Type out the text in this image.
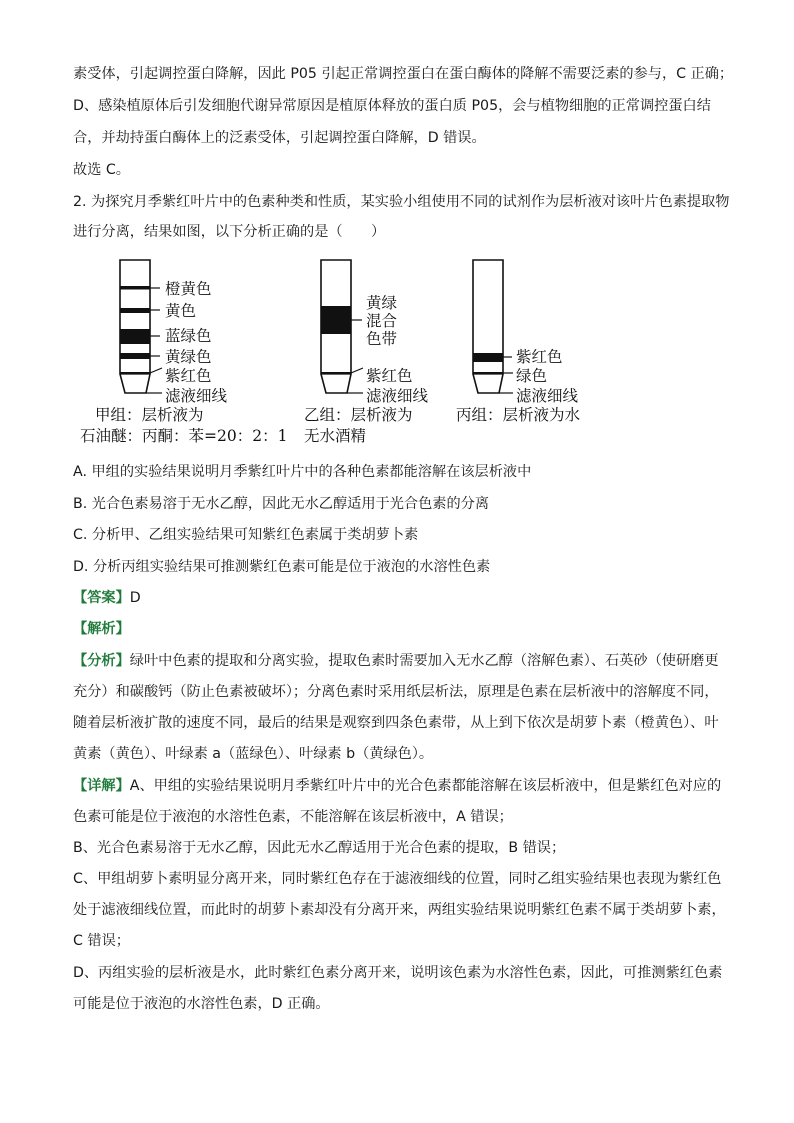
素受体，引起调控蛋白降解，因此 P05 引起正常调控蛋白在蛋白酶体的降解不需要泛素的参与，C 正确；
D、感染植原体后引发细胞代谢异常原因是植原体释放的蛋白质 P05，会与植物细胞的正常调控蛋白结
合，并劫持蛋白酶体上的泛素受体，引起调控蛋白降解，D 错误。
故选 C。
2. 为探究月季紫红叶片中的色素种类和性质，某实验小组使用不同的试剂作为层析液对该叶片色素提取物
进行分离，结果如图，以下分析正确的是（　　）
橙黄色
黄色
蓝绿色
黄绿色
紫红色
滤液细线
甲组：层析液为
石油醚：丙酮：苯=20：2：1
黄绿
混合
色带
紫红色
滤液细线
乙组：层析液为
无水酒精
紫红色
绿色
滤液细线
丙组：层析液为水
A. 甲组的实验结果说明月季紫红叶片中的各种色素都能溶解在该层析液中
B. 光合色素易溶于无水乙醇，因此无水乙醇适用于光合色素的分离
C. 分析甲、乙组实验结果可知紫红色素属于类胡萝卜素
D. 分析丙组实验结果可推测紫红色素可能是位于液泡的水溶性色素
【答案】D
【解析】
【分析】绿叶中色素的提取和分离实验，提取色素时需要加入无水乙醇（溶解色素）、石英砂（使研磨更
充分）和碳酸钙（防止色素被破坏）；分离色素时采用纸层析法，原理是色素在层析液中的溶解度不同，
随着层析液扩散的速度不同，最后的结果是观察到四条色素带，从上到下依次是胡萝卜素（橙黄色）、叶
黄素（黄色）、叶绿素 a（蓝绿色）、叶绿素 b（黄绿色）。
【详解】A、甲组的实验结果说明月季紫红叶片中的光合色素都能溶解在该层析液中，但是紫红色对应的
色素可能是位于液泡的水溶性色素，不能溶解在该层析液中，A 错误；
B、光合色素易溶于无水乙醇，因此无水乙醇适用于光合色素的提取，B 错误；
C、甲组胡萝卜素明显分离开来，同时紫红色存在于滤液细线的位置，同时乙组实验结果也表现为紫红色
处于滤液细线位置，而此时的胡萝卜素却没有分离开来，两组实验结果说明紫红色素不属于类胡萝卜素，
C 错误；
D、丙组实验的层析液是水，此时紫红色素分离开来，说明该色素为水溶性色素，因此，可推测紫红色素
可能是位于液泡的水溶性色素，D 正确。
